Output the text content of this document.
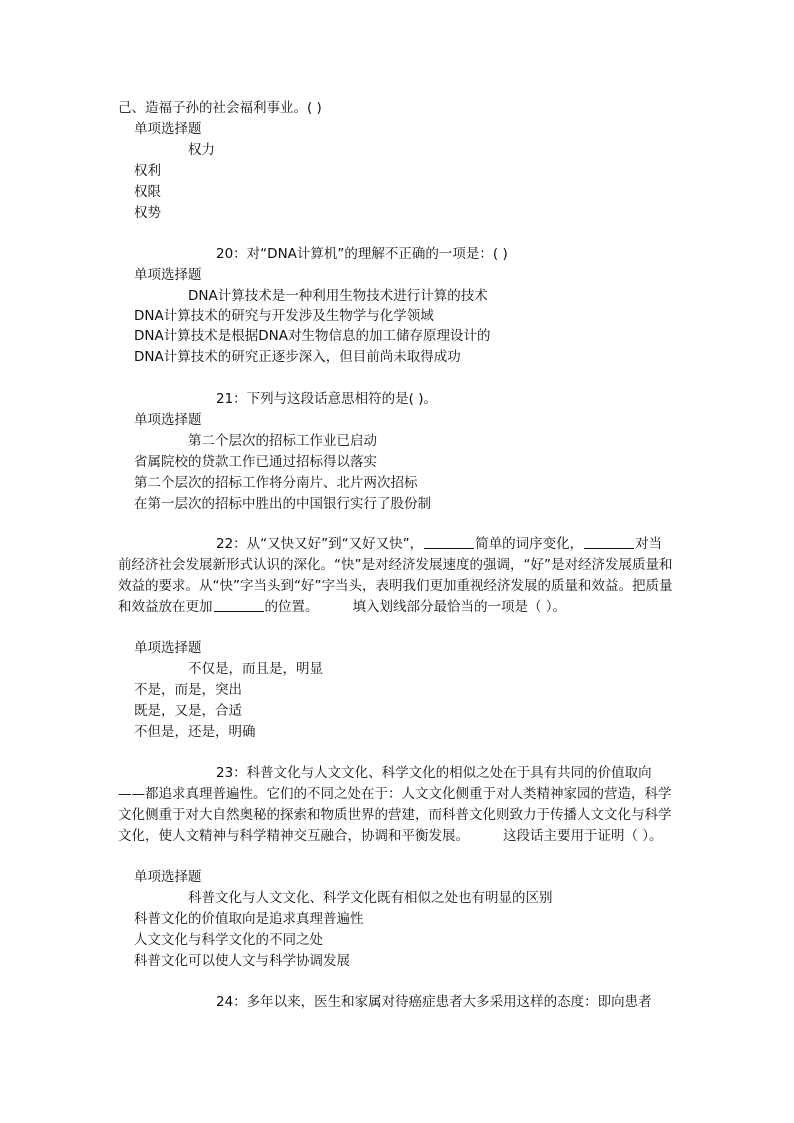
己、造福子孙的社会福利事业。( )
单项选择题
权力
权利
权限
权势
20：对“DNA计算机”的理解不正确的一项是：( )
单项选择题
DNA计算技术是一种利用生物技术进行计算的技术
DNA计算技术的研究与开发涉及生物学与化学领域
DNA计算技术是根据DNA对生物信息的加工储存原理设计的
DNA计算技术的研究正逐步深入，但目前尚未取得成功
21：下列与这段话意思相符的是( )。
单项选择题
第二个层次的招标工作业已启动
省属院校的贷款工作已通过招标得以落实
第二个层次的招标工作将分南片、北片两次招标
在第一层次的招标中胜出的中国银行实行了股份制
22：从“又快又好”到“又好又快”，	简单的词序变化，	对当前经济社会发展新形式认识的深化。“快”是对经济发展速度的强调，“好”是对经济发展质量和效益的要求。从“快”字当头到“好”字当头，表明我们更加重视经济发展的质量和效益。把质量和效益放在更加	的位置。	填入划线部分最恰当的一项是（ ）。
单项选择题
不仅是，而且是，明显
不是，而是，突出
既是，又是，合适
不但是，还是，明确
23：科普文化与人文文化、科学文化的相似之处在于具有共同的价值取向——都追求真理普遍性。它们的不同之处在于：人文文化侧重于对人类精神家园的营造，科学文化侧重于对大自然奥秘的探索和物质世界的营建，而科普文化则致力于传播人文文化与科学文化，使人文精神与科学精神交互融合，协调和平衡发展。	这段话主要用于证明（ ）。
单项选择题
科普文化与人文文化、科学文化既有相似之处也有明显的区别
科普文化的价值取向是追求真理普遍性
人文文化与科学文化的不同之处
科普文化可以使人文与科学协调发展
24：多年以来，医生和家属对待癌症患者大多采用这样的态度：即向患者
